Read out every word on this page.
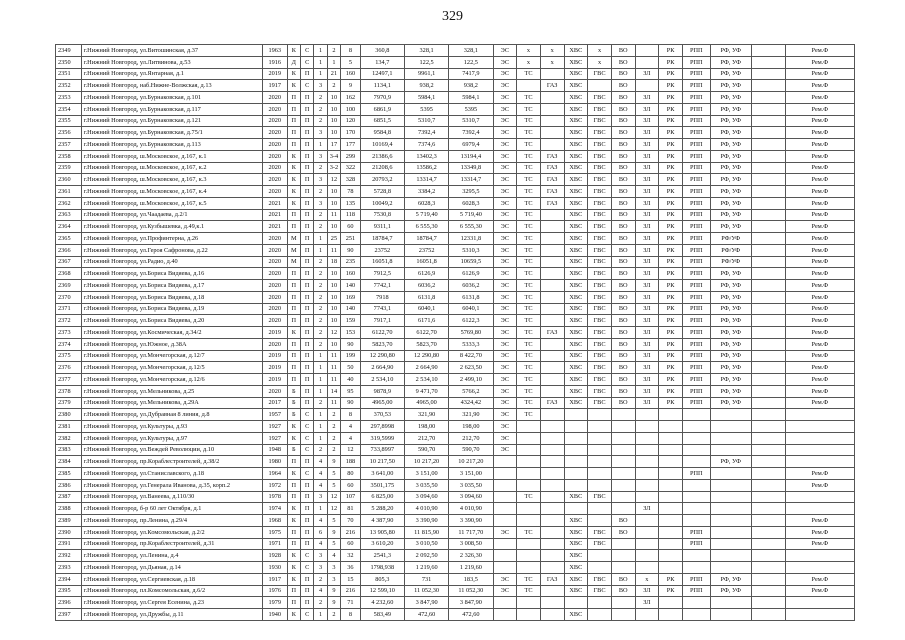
329
2349	г.Нижний Новгород, ул.Витошинская, д.37	1963	К	С	1	2	8	360,8	328,1	328,1	ЭС	х	х	ХВС	х	ВО		РК	РПП	РФ, УФ		Рем.Ф
2350	г.Нижний Новгород, ул.Литвинова, д.53	1916	Д	С	1	1	5	134,7	122,5	122,5	ЭС	х	х	ХВС	х	ВО		РК	РПП	РФ, УФ		Рем.Ф
2351	г.Нижний Новгород, ул.Янтарная, д.1	2019	К	П	1	21	160	12497,1	9961,1	7417,9	ЭС	ТС		ХВС	ГВС	ВО	ЗЛ	РК	РПП	РФ, УФ		Рем.Ф
2352	г.Нижний Новгород, наб.Нижне-Волжская, д.13	1917	К	С	3	2	9	1134,1	938,2	938,2	ЭС		ГАЗ	ХВС		ВО		РК	РПП	РФ, УФ		Рем.Ф
2353	г.Нижний Новгород, ул.Бурнаковская, д.101	2020	П	П	2	10	162	7970,9	5984,1	5984,1	ЭС	ТС		ХВС	ГВС	ВО	ЗЛ	РК	РПП	РФ, УФ		Рем.Ф
2354	г.Нижний Новгород, ул.Бурнаковская, д.117	2020	П	П	2	10	100	6861,9	5395	5395	ЭС	ТС		ХВС	ГВС	ВО	ЗЛ	РК	РПП	РФ, УФ		Рем.Ф
2355	г.Нижний Новгород, ул.Бурнаковская, д.121	2020	П	П	2	10	120	6851,5	5310,7	5310,7	ЭС	ТС		ХВС	ГВС	ВО	ЗЛ	РК	РПП	РФ, УФ		Рем.Ф
2356	г.Нижний Новгород, ул.Бурнаковская, д.75/1	2020	П	П	3	10	170	9584,8	7392,4	7392,4	ЭС	ТС		ХВС	ГВС	ВО	ЗЛ	РК	РПП	РФ, УФ		Рем.Ф
2357	г.Нижний Новгород, ул.Бурнаковская, д.113	2020	П	П	1	17	177	10169,4	7374,6	6979,4	ЭС	ТС		ХВС	ГВС	ВО	ЗЛ	РК	РПП	РФ, УФ		Рем.Ф
2358	г.Нижний Новгород, ш.Московское, д.167, к.1	2020	К	П	3	3-4	299	21386,6	13402,3	13194,4	ЭС	ТС	ГАЗ	ХВС	ГВС	ВО	ЗЛ	РК	РПП	РФ, УФ		Рем.Ф
2359	г.Нижний Новгород, ш.Московское, д.167, к.2	2020	К	П	2	3-2	322	21208,6	13586,2	13349,8	ЭС	ТС	ГАЗ	ХВС	ГВС	ВО	ЗЛ	РК	РПП	РФ, УФ		Рем.Ф
2360	г.Нижний Новгород, ш.Московское, д.167, к.3	2020	К	П	3	12	328	20793,2	13314,7	13314,7	ЭС	ТС	ГАЗ	ХВС	ГВС	ВО	ЗЛ	РК	РПП	РФ, УФ		Рем.Ф
2361	г.Нижний Новгород, ш.Московское, д.167, к.4	2020	К	П	2	10	78	5728,8	3384,2	3295,5	ЭС	ТС	ГАЗ	ХВС	ГВС	ВО	ЗЛ	РК	РПП	РФ, УФ		Рем.Ф
2362	г.Нижний Новгород, ш.Московское, д.167, к.5	2021	К	П	3	10	135	10049,2	6028,3	6028,3	ЭС	ТС	ГАЗ	ХВС	ГВС	ВО	ЗЛ	РК	РПП	РФ, УФ		Рем.Ф
2363	г.Нижний Новгород, ул.Чаадаева, д.2/1	2021	П	П	2	11	118	7530,8	5 719,40	5 719,40	ЭС	ТС		ХВС	ГВС	ВО	ЗЛ	РК	РПП	РФ, УФ		Рем.Ф
2364	г.Нижний Новгород, ул.Кузбышевка, д.49,к.1	2021	П	П	2	10	60	9311,1	6 555,30	6 555,30	ЭС	ТС		ХВС	ГВС	ВО	ЗЛ	РК	РПП	РФ, УФ		Рем.Ф
2365	г.Нижний Новгород, ул.Профинтерна, д.26	2020	М	П	1	25	251	18784,7	18784,7	12331,8	ЭС	ТС		ХВС	ГВС	ВО	ЗЛ	РК	РПП	РФ/УФ		Рем.Ф
2366	г.Нижний Новгород, ул.Героя Сафронова, д.22	2020	М	П	1	11	90	23752	23752	5310,3	ЭС	ТС		ХВС	ГВС	ВО	ЗЛ	РК	РПП	РФ/УФ		Рем.Ф
2367	г.Нижний Новгород, ул.Радио, д.40	2020	М	П	2	18	235	16051,8	16051,8	10659,5	ЭС	ТС		ХВС	ГВС	ВО	ЗЛ	РК	РПП	РФ/УФ		Рем.Ф
2368	г.Нижний Новгород, ул.Бориса Видяева, д.16	2020	П	П	2	10	160	7912,5	6126,9	6126,9	ЭС	ТС		ХВС	ГВС	ВО	ЗЛ	РК	РПП	РФ, УФ		Рем.Ф
2369	г.Нижний Новгород, ул.Бориса Видяева, д.17	2020	П	П	2	10	140	7742,1	6036,2	6036,2	ЭС	ТС		ХВС	ГВС	ВО	ЗЛ	РК	РПП	РФ, УФ		Рем.Ф
2370	г.Нижний Новгород, ул.Бориса Видяева, д.18	2020	П	П	2	10	169	7918	6131,8	6131,8	ЭС	ТС		ХВС	ГВС	ВО	ЗЛ	РК	РПП	РФ, УФ		Рем.Ф
2371	г.Нижний Новгород, ул.Бориса Видяева, д.19	2020	П	П	2	10	140	7743,1	6040,1	6040,1	ЭС	ТС		ХВС	ГВС	ВО	ЗЛ	РК	РПП	РФ, УФ		Рем.Ф
2372	г.Нижний Новгород, ул.Бориса Видяева, д.20	2020	П	П	2	10	159	7917,1	6171,6	6122,3	ЭС	ТС		ХВС	ГВС	ВО	ЗЛ	РК	РПП	РФ, УФ		Рем.Ф
2373	г.Нижний Новгород, ул.Космическая, д.34/2	2019	К	П	2	12	153	6122,70	6122,70	5769,80	ЭС	ТС	ГАЗ	ХВС	ГВС	ВО	ЗЛ	РК	РПП	РФ, УФ		Рем.Ф
2374	г.Нижний Новгород, ул.Южное, д.38А	2020	П	П	2	10	90	5823,70	5823,70	5333,3	ЭС	ТС		ХВС	ГВС	ВО	ЗЛ	РК	РПП	РФ, УФ		Рем.Ф
2375	г.Нижний Новгород, ул.Мончегорская, д.12/7	2019	П	П	1	11	199	12 290,80	12 290,80	8 422,70	ЭС	ТС		ХВС	ГВС	ВО	ЗЛ	РК	РПП	РФ, УФ		Рем.Ф
2376	г.Нижний Новгород, ул.Мончегорская, д.12/5	2019	П	П	1	11	50	2 664,90	2 664,90	2 623,50	ЭС	ТС		ХВС	ГВС	ВО	ЗЛ	РК	РПП	РФ, УФ		Рем.Ф
2377	г.Нижний Новгород, ул.Мончегорская, д.12/6	2019	П	П	1	11	40	2 534,10	2 534,10	2 499,10	ЭС	ТС		ХВС	ГВС	ВО	ЗЛ	РК	РПП	РФ, УФ		Рем.Ф
2378	г.Нижний Новгород, ул.Мельникова, д.25	2020	Б	П	1	14	95	9878,9	9 471,70	5766,2	ЭС	ТС		ХВС	ГВС	ВО	ЗЛ	РК	РПП	РФ, УФ		Рем.Ф
2379	г.Нижний Новгород, ул.Мельникова, д.29А	2017	Б	П	2	11	90	4965,00	4965,00	4324,42	ЭС	ТС	ГАЗ	ХВС	ГВС	ВО	ЗЛ	РК	РПП	РФ, УФ		Рем.Ф
2380	г.Нижний Новгород, ул.Дубравная 8 линия, д.8	1957	Б	С	1	2	8	370,53	321,90	321,90	ЭС	ТС										
2381	г.Нижний Новгород, ул.Культуры, д.93	1927	К	С	1	2	4	297,8998	198,00	198,00	ЭС											
2382	г.Нижний Новгород, ул.Культуры, д.97	1927	К	С	1	2	4	319,5999	212,70	212,70	ЭС											
2383	г.Нижний Новгород, ул.Веждей Революции, д.10	1948	Б	С	2	2	12	733,8997	590,70	590,70	ЭС											
2384	г.Нижний Новгород, пр.Кораблестроителей, д.38/2	1980	П	П	4	9	188	10 217,50	10 217,20	10 217,20										РФ, УФ		
2385	г.Нижний Новгород, ул.Станиславского, д.18	1964	К	С	4	5	80	3 641,00	3 151,00	3 151,00									РПП			Рем.Ф
2386	г.Нижний Новгород, ул.Генерала Иванова, д.35, корп.2	1972	П	П	4	5	60	3501,175	3 035,50	3 035,50												Рем.Ф
2387	г.Нижний Новгород, ул.Ванеева, д.110/30	1978	П	П	3	12	107	6 825,00	3 094,60	3 094,60		ТС		ХВС	ГВС							
2388	г.Нижний Новгород, б-р 60 лет Октября, д.1	1974	К	П	1	12	81	5 288,20	4 010,90	4 010,90							ЗЛ					
2389	г.Нижний Новгород, пр.Ленина, д.29/4	1968	К	П	4	5	70	4 387,90	3 390,90	3 390,90				ХВС		ВО						Рем.Ф
2390	г.Нижний Новгород, ул.Комсомольская, д.2/2	1975	П	П	6	9	216	13 905,80	11 815,90	11 717,70	ЭС	ТС		ХВС	ГВС	ВО			РПП			Рем.Ф
2391	г.Нижний Новгород, пр.Кораблестроителей, д.31	1971	П	П	4	5	60	3 610,20	3 010,50	3 008,50				ХВС	ГВС				РПП			Рем.Ф
2392	г.Нижний Новгород, ул.Ленина, д.4	1928	К	С	3	4	32	2541,3	2 092,50	2 326,30				ХВС								
2393	г.Нижний Новгород, ул.Дьяная, д.14	1930	К	С	3	3	36	1798,938	1 219,60	1 219,60				ХВС								
2394	г.Нижний Новгород, ул.Сергиевская, д.18	1917	К	П	2	3	15	805,3	731	183,5	ЭС	ТС	ГАЗ	ХВС	ГВС	ВО	х	РК	РПП	РФ, УФ		Рем.Ф
2395	г.Нижний Новгород, пл.Комсомольская, д.6/2	1976	П	П	4	9	216	12 599,10	11 052,30	11 052,30	ЭС	ТС		ХВС	ГВС	ВО	ЗЛ	РК	РПП	РФ, УФ		Рем.Ф
2396	г.Нижний Новгород, ул.Сергея Есенина, д.23	1979	П	П	2	9	71	4 232,60	3 847,90	3 847,90							ЗЛ					
2397	г.Нижний Новгород, ул.Дружбы, д.11	1940	К	С	1	2	8	583,49	472,60	472,60				ХВС								
